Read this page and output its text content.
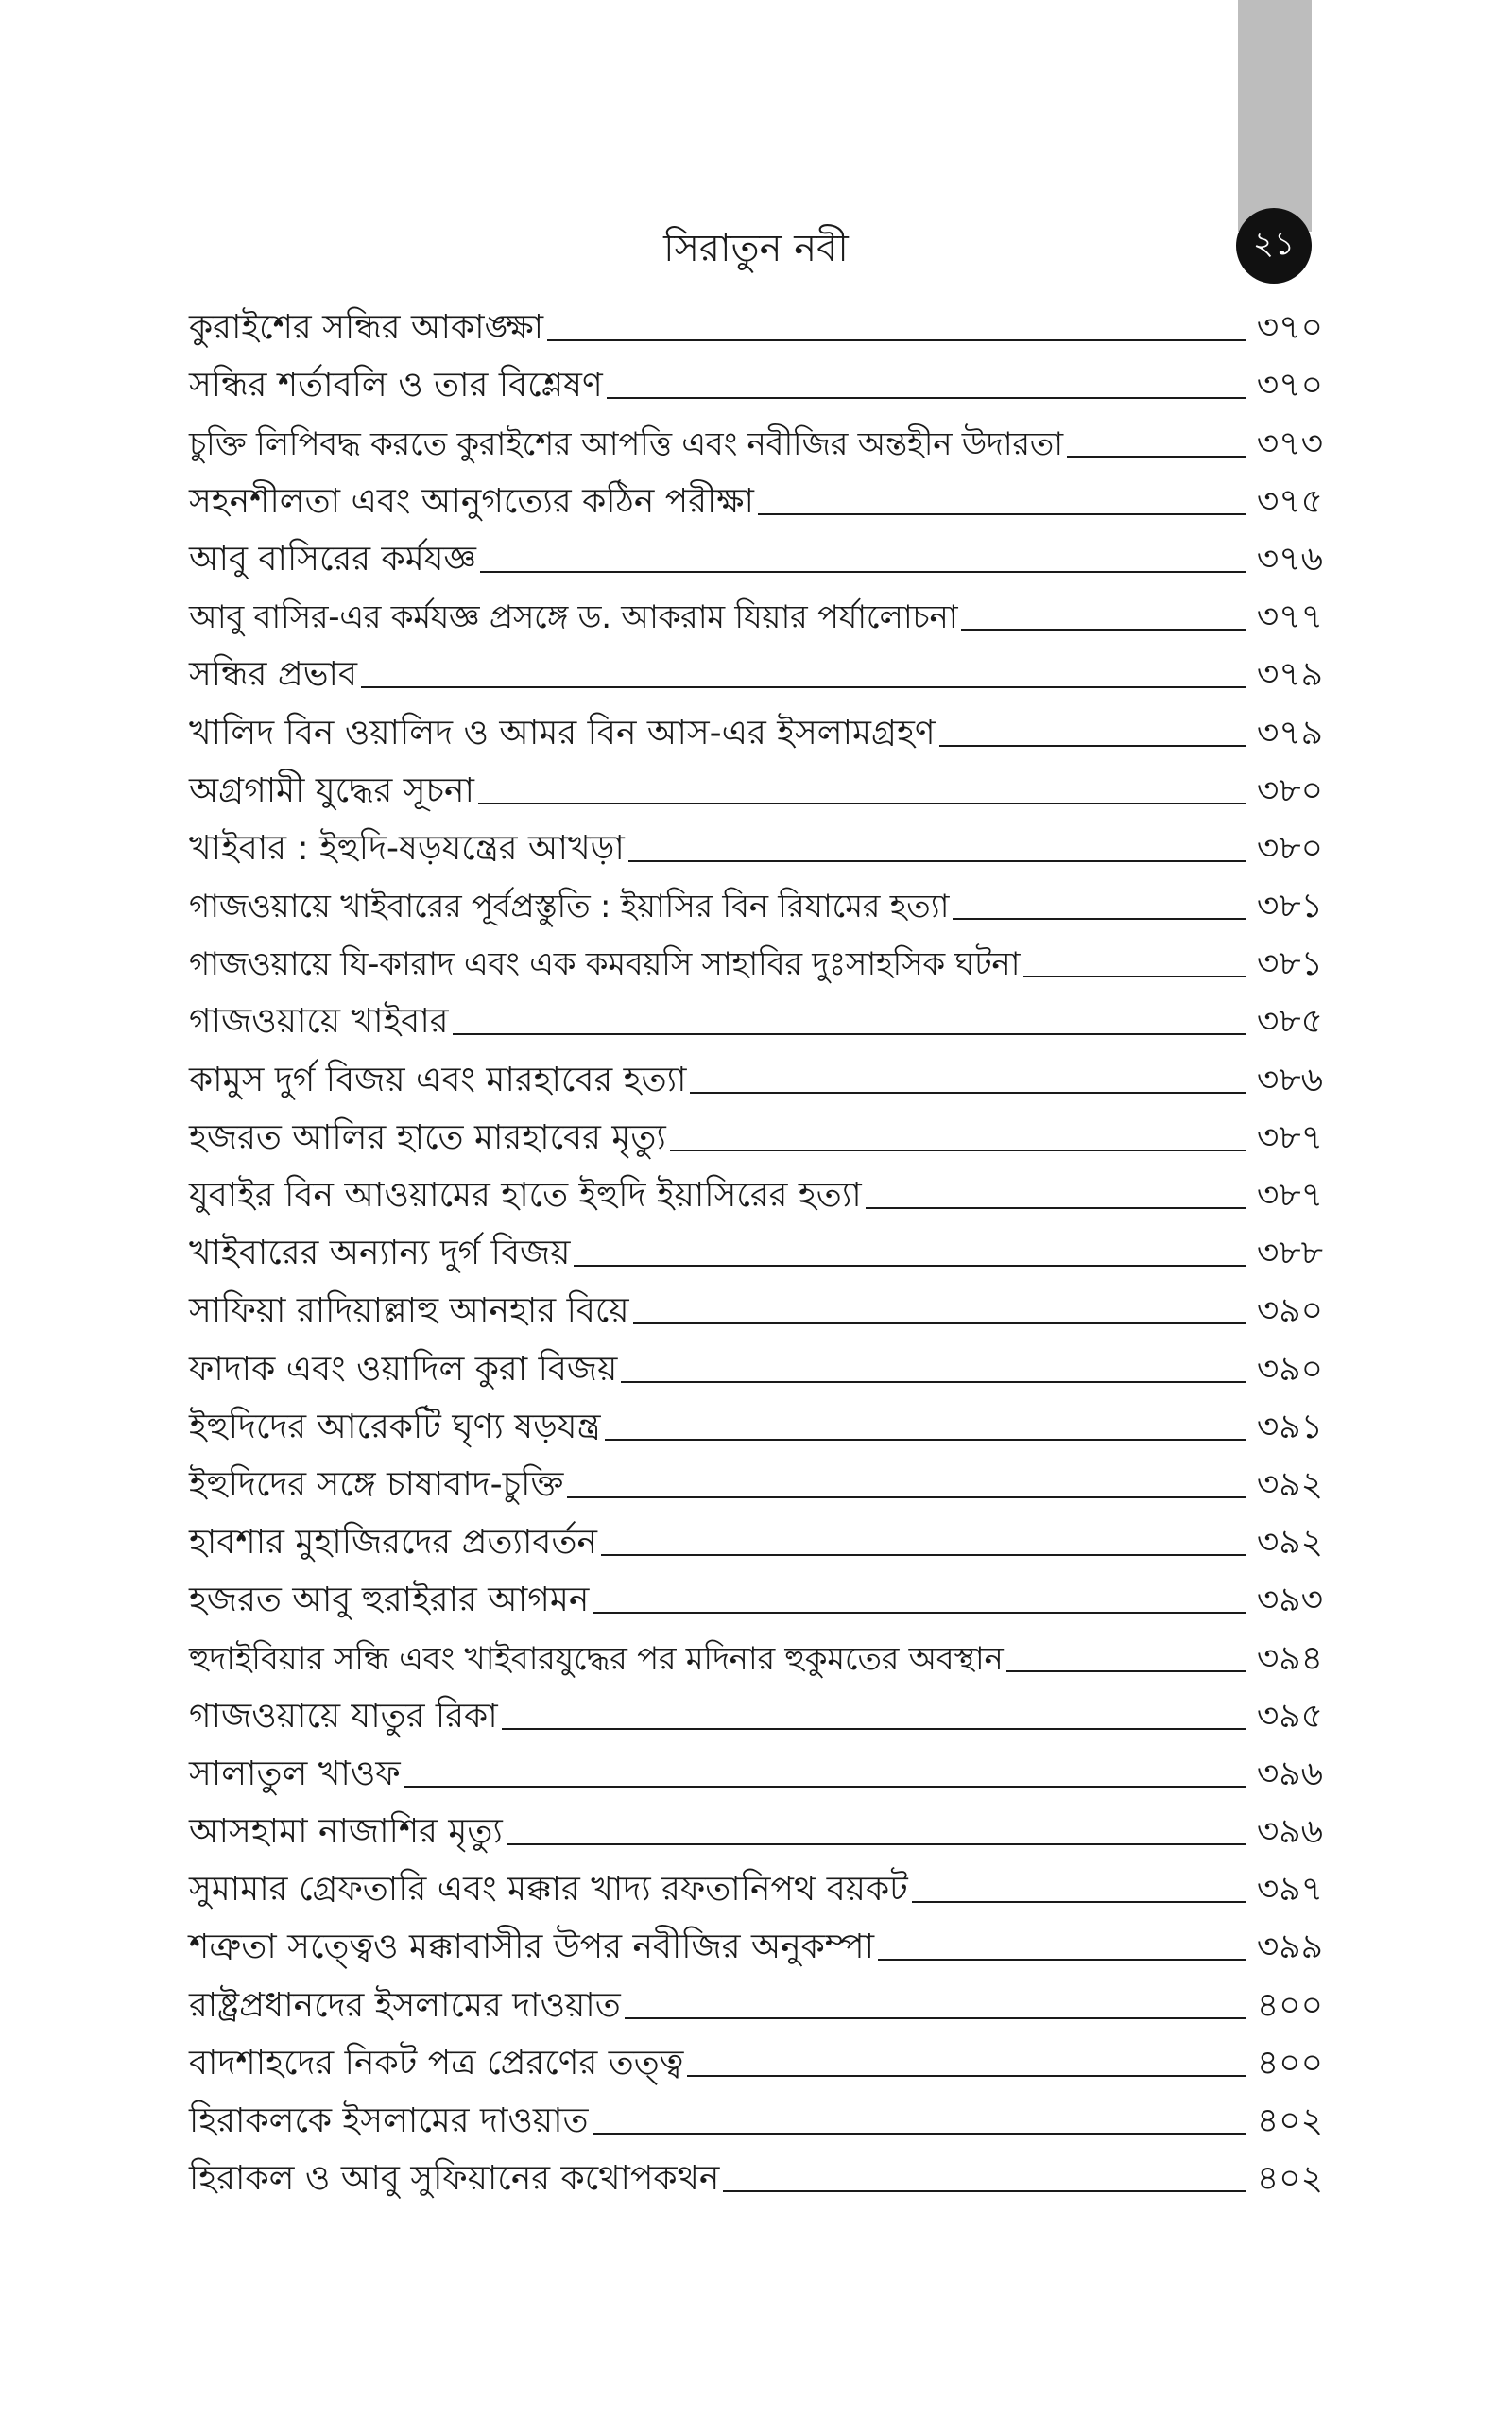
২১
সিরাতুন নবী
কুরাইশের সন্ধির আকাঙ্ক্ষা	৩৭০
সন্ধির শর্তাবলি ও তার বিশ্লেষণ	৩৭০
চুক্তি লিপিবদ্ধ করতে কুরাইশের আপত্তি এবং নবীজির অন্তহীন উদারতা	৩৭৩
সহনশীলতা এবং আনুগত্যের কঠিন পরীক্ষা	৩৭৫
আবু বাসিরের কর্মযজ্ঞ	৩৭৬
আবু বাসির-এর কর্মযজ্ঞ প্রসঙ্গে ড. আকরাম যিয়ার পর্যালোচনা	৩৭৭
সন্ধির প্রভাব	৩৭৯
খালিদ বিন ওয়ালিদ ও আমর বিন আস-এর ইসলামগ্রহণ	৩৭৯
অগ্রগামী যুদ্ধের সূচনা	৩৮০
খাইবার : ইহুদি-ষড়যন্ত্রের আখড়া	৩৮০
গাজওয়ায়ে খাইবারের পূর্বপ্রস্তুতি : ইয়াসির বিন রিযামের হত্যা	৩৮১
গাজওয়ায়ে যি-কারাদ এবং এক কমবয়সি সাহাবির দুঃসাহসিক ঘটনা	৩৮১
গাজওয়ায়ে খাইবার	৩৮৫
কামুস দুর্গ বিজয় এবং মারহাবের হত্যা	৩৮৬
হজরত আলির হাতে মারহাবের মৃত্যু	৩৮৭
যুবাইর বিন আওয়ামের হাতে ইহুদি ইয়াসিরের হত্যা	৩৮৭
খাইবারের অন্যান্য দুর্গ বিজয়	৩৮৮
সাফিয়া রাদিয়াল্লাহু আনহার বিয়ে	৩৯০
ফাদাক এবং ওয়াদিল কুরা বিজয়	৩৯০
ইহুদিদের আরেকটি ঘৃণ্য ষড়যন্ত্র	৩৯১
ইহুদিদের সঙ্গে চাষাবাদ-চুক্তি	৩৯২
হাবশার মুহাজিরদের প্রত্যাবর্তন	৩৯২
হজরত আবু হুরাইরার আগমন	৩৯৩
হুদাইবিয়ার সন্ধি এবং খাইবারযুদ্ধের পর মদিনার হুকুমতের অবস্থান	৩৯৪
গাজওয়ায়ে যাতুর রিকা	৩৯৫
সালাতুল খাওফ	৩৯৬
আসহামা নাজাশির মৃত্যু	৩৯৬
সুমামার গ্রেফতারি এবং মক্কার খাদ্য রফতানিপথ বয়কট	৩৯৭
শত্রুতা সত্ত্বেও মক্কাবাসীর উপর নবীজির অনুকম্পা	৩৯৯
রাষ্ট্রপ্রধানদের ইসলামের দাওয়াত	৪০০
বাদশাহদের নিকট পত্র প্রেরণের তত্ত্ব	৪০০
হিরাকলকে ইসলামের দাওয়াত	৪০২
হিরাকল ও আবু সুফিয়ানের কথোপকথন	৪০২
